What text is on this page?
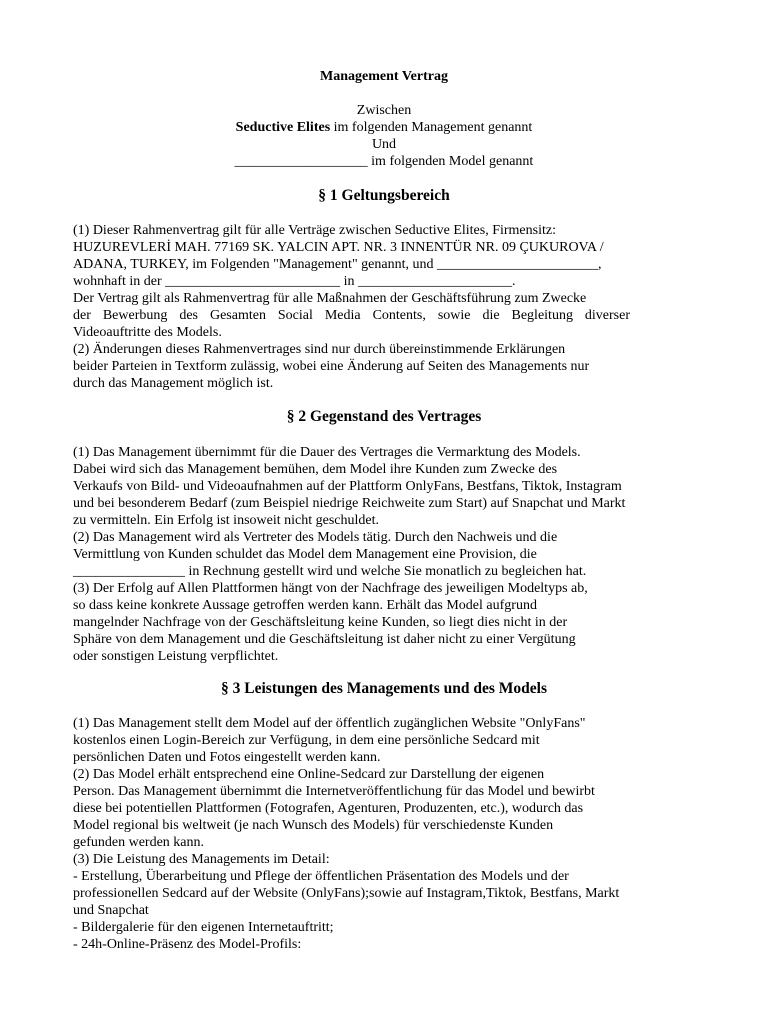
Management Vertrag
Zwischen
Seductive Elites im folgenden Management genannt
Und
___________________ im folgenden Model genannt
§ 1 Geltungsbereich
(1) Dieser Rahmenvertrag gilt für alle Verträge zwischen Seductive Elites, Firmensitz:
HUZUREVLERİ MAH. 77169 SK. YALCIN APT. NR. 3 INNENTÜR NR. 09 ÇUKUROVA /
ADANA, TURKEY, im Folgenden "Management" genannt, und _______________________,
wohnhaft in der _________________________ in ______________________.
Der Vertrag gilt als Rahmenvertrag für alle Maßnahmen der Geschäftsführung zum Zwecke
der Bewerbung des Gesamten Social Media Contents, sowie die Begleitung diverser
Videoauftritte des Models.
(2) Änderungen dieses Rahmenvertrages sind nur durch übereinstimmende Erklärungen
beider Parteien in Textform zulässig, wobei eine Änderung auf Seiten des Managements nur
durch das Management möglich ist.
§ 2 Gegenstand des Vertrages
(1) Das Management übernimmt für die Dauer des Vertrages die Vermarktung des Models.
Dabei wird sich das Management bemühen, dem Model ihre Kunden zum Zwecke des
Verkaufs von Bild- und Videoaufnahmen auf der Plattform OnlyFans, Bestfans, Tiktok, Instagram
und bei besonderem Bedarf (zum Beispiel niedrige Reichweite zum Start) auf Snapchat und Markt
zu vermitteln. Ein Erfolg ist insoweit nicht geschuldet.
(2) Das Management wird als Vertreter des Models tätig. Durch den Nachweis und die
Vermittlung von Kunden schuldet das Model dem Management eine Provision, die
________________ in Rechnung gestellt wird und welche Sie monatlich zu begleichen hat.
(3) Der Erfolg auf Allen Plattformen hängt von der Nachfrage des jeweiligen Modeltyps ab,
so dass keine konkrete Aussage getroffen werden kann. Erhält das Model aufgrund
mangelnder Nachfrage von der Geschäftsleitung keine Kunden, so liegt dies nicht in der
Sphäre von dem Management und die Geschäftsleitung ist daher nicht zu einer Vergütung
oder sonstigen Leistung verpflichtet.
§ 3 Leistungen des Managements und des Models
(1) Das Management stellt dem Model auf der öffentlich zugänglichen Website "OnlyFans"
kostenlos einen Login-Bereich zur Verfügung, in dem eine persönliche Sedcard mit
persönlichen Daten und Fotos eingestellt werden kann.
(2) Das Model erhält entsprechend eine Online-Sedcard zur Darstellung der eigenen
Person. Das Management übernimmt die Internetveröffentlichung für das Model und bewirbt
diese bei potentiellen Plattformen (Fotografen, Agenturen, Produzenten, etc.), wodurch das
Model regional bis weltweit (je nach Wunsch des Models) für verschiedenste Kunden
gefunden werden kann.
(3) Die Leistung des Managements im Detail:
- Erstellung, Überarbeitung und Pflege der öffentlichen Präsentation des Models und der
professionellen Sedcard auf der Website (OnlyFans);sowie auf Instagram,Tiktok, Bestfans, Markt
und Snapchat
- Bildergalerie für den eigenen Internetauftritt;
- 24h-Online-Präsenz des Model-Profils:
